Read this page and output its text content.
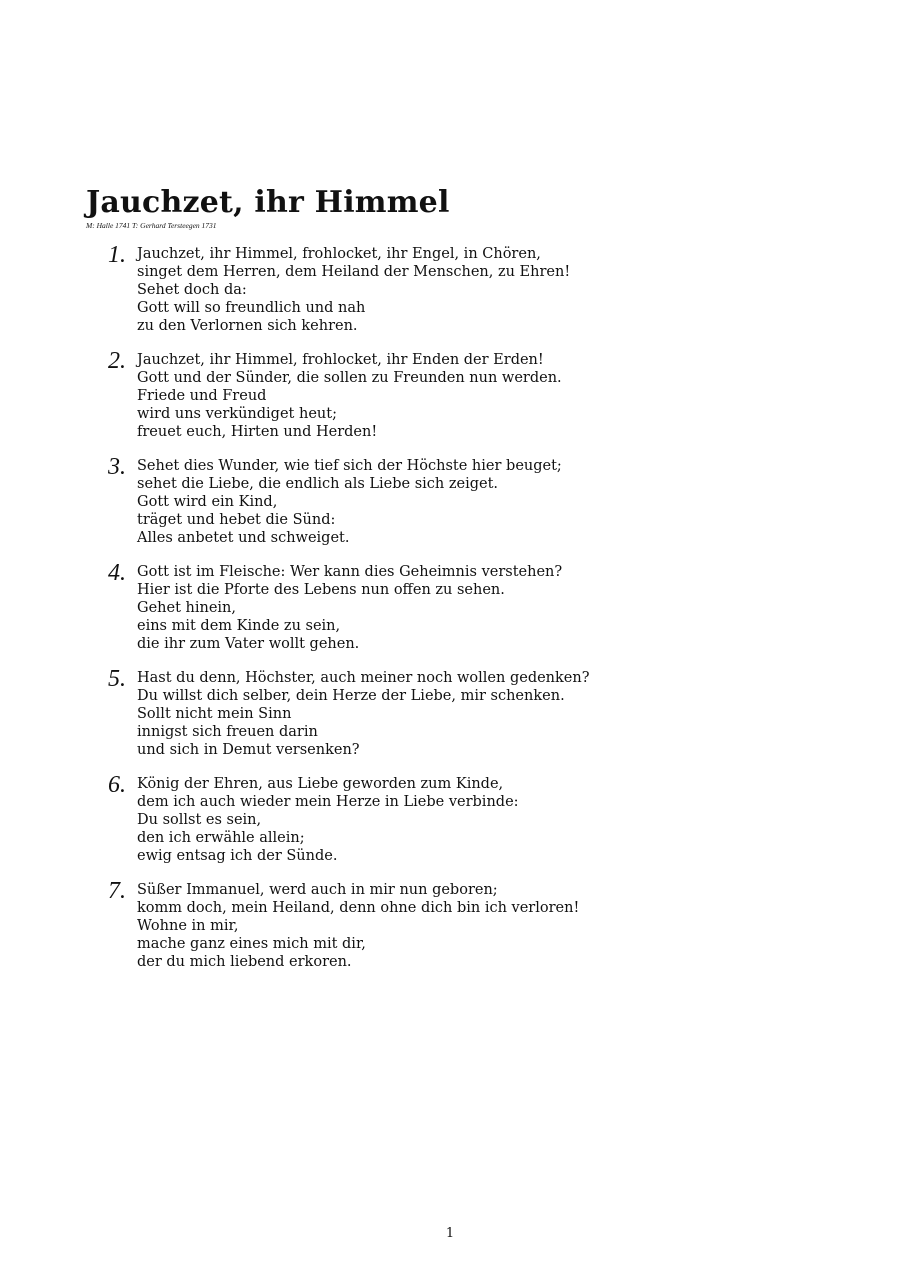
Jauchzet, ihr Himmel
M: Halle 1741 T: Gerhard Tersteegen 1731
1. Jauchzet, ihr Himmel, frohlocket, ihr Engel, in Chören,
singet dem Herren, dem Heiland der Menschen, zu Ehren!
Sehet doch da:
Gott will so freundlich und nah
zu den Verlornen sich kehren.
2. Jauchzet, ihr Himmel, frohlocket, ihr Enden der Erden!
Gott und der Sünder, die sollen zu Freunden nun werden.
Friede und Freud
wird uns verkündiget heut;
freuet euch, Hirten und Herden!
3. Sehet dies Wunder, wie tief sich der Höchste hier beuget;
sehet die Liebe, die endlich als Liebe sich zeiget.
Gott wird ein Kind,
träget und hebet die Sünd:
Alles anbetet und schweiget.
4. Gott ist im Fleische: Wer kann dies Geheimnis verstehen?
Hier ist die Pforte des Lebens nun offen zu sehen.
Gehet hinein,
eins mit dem Kinde zu sein,
die ihr zum Vater wollt gehen.
5. Hast du denn, Höchster, auch meiner noch wollen gedenken?
Du willst dich selber, dein Herze der Liebe, mir schenken.
Sollt nicht mein Sinn
innigst sich freuen darin
und sich in Demut versenken?
6. König der Ehren, aus Liebe geworden zum Kinde,
dem ich auch wieder mein Herze in Liebe verbinde:
Du sollst es sein,
den ich erwähle allein;
ewig entsag ich der Sünde.
7. Süßer Immanuel, werd auch in mir nun geboren;
komm doch, mein Heiland, denn ohne dich bin ich verloren!
Wohne in mir,
mache ganz eines mich mit dir,
der du mich liebend erkoren.
1
